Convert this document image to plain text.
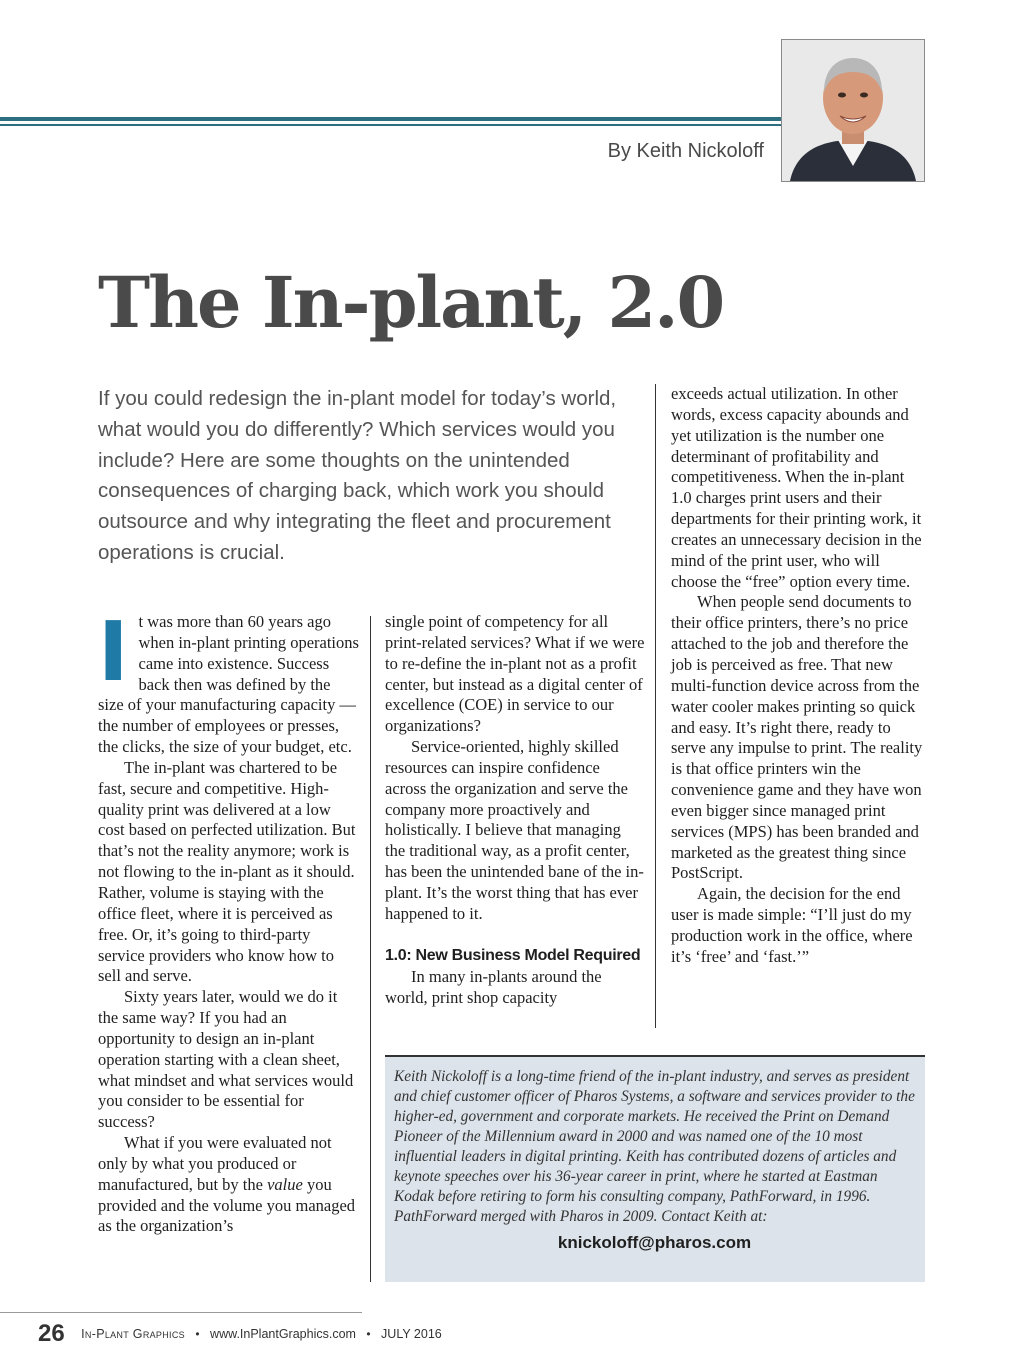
By Keith Nickoloff
The In-plant, 2.0

If you could redesign the in-plant model for today’s world, what would you do differently? Which services would you include? Here are some thoughts on the unintended consequences of charging back, which work you should outsource and why integrating the fleet and procurement operations is crucial.

It was more than 60 years ago when in-plant printing operations came into existence. Success back then was defined by the size of your manufacturing capacity — the number of employees or presses, the clicks, the size of your budget, etc.

The in-plant was chartered to be fast, secure and competitive. High-quality print was delivered at a low cost based on perfected utilization. But that’s not the reality anymore; work is not flowing to the in-plant as it should. Rather, volume is staying with the office fleet, where it is perceived as free. Or, it’s going to third-party service providers who know how to sell and serve.

Sixty years later, would we do it the same way? If you had an opportunity to design an in-plant operation starting with a clean sheet, what mindset and what services would you consider to be essential for success?

What if you were evaluated not only by what you produced or manufactured, but by the value you provided and the volume you managed as the organization’s

single point of competency for all print-related services? What if we were to re-define the in-plant not as a profit center, but instead as a digital center of excellence (COE) in service to our organizations?

Service-oriented, highly skilled resources can inspire confidence across the organization and serve the company more proactively and holistically. I believe that managing the traditional way, as a profit center, has been the unintended bane of the in-plant. It’s the worst thing that has ever happened to it.

1.0: New Business Model Required

In many in-plants around the world, print shop capacity

exceeds actual utilization. In other words, excess capacity abounds and yet utilization is the number one determinant of profitability and competitiveness. When the in-plant 1.0 charges print users and their departments for their printing work, it creates an unnecessary decision in the mind of the print user, who will choose the “free” option every time.

When people send documents to their office printers, there’s no price attached to the job and therefore the job is perceived as free. That new multi-function device across from the water cooler makes printing so quick and easy. It’s right there, ready to serve any impulse to print. The reality is that office printers win the convenience game and they have won even bigger since managed print services (MPS) has been branded and marketed as the greatest thing since PostScript.

Again, the decision for the end user is made simple: “I’ll just do my production work in the office, where it’s ‘free’ and ‘fast.’”

Keith Nickoloff is a long-time friend of the in-plant industry, and serves as president and chief customer officer of Pharos Systems, a software and services provider to the higher-ed, government and corporate markets. He received the Print on Demand Pioneer of the Millennium award in 2000 and was named one of the 10 most influential leaders in digital printing. Keith has contributed dozens of articles and keynote speeches over his 36-year career in print, where he started at Eastman Kodak before retiring to form his consulting company, PathForward, in 1996. PathForward merged with Pharos in 2009. Contact Keith at:

knickoloff@pharos.com
26 In-Plant Graphics • www.InPlantGraphics.com • JULY 2016
